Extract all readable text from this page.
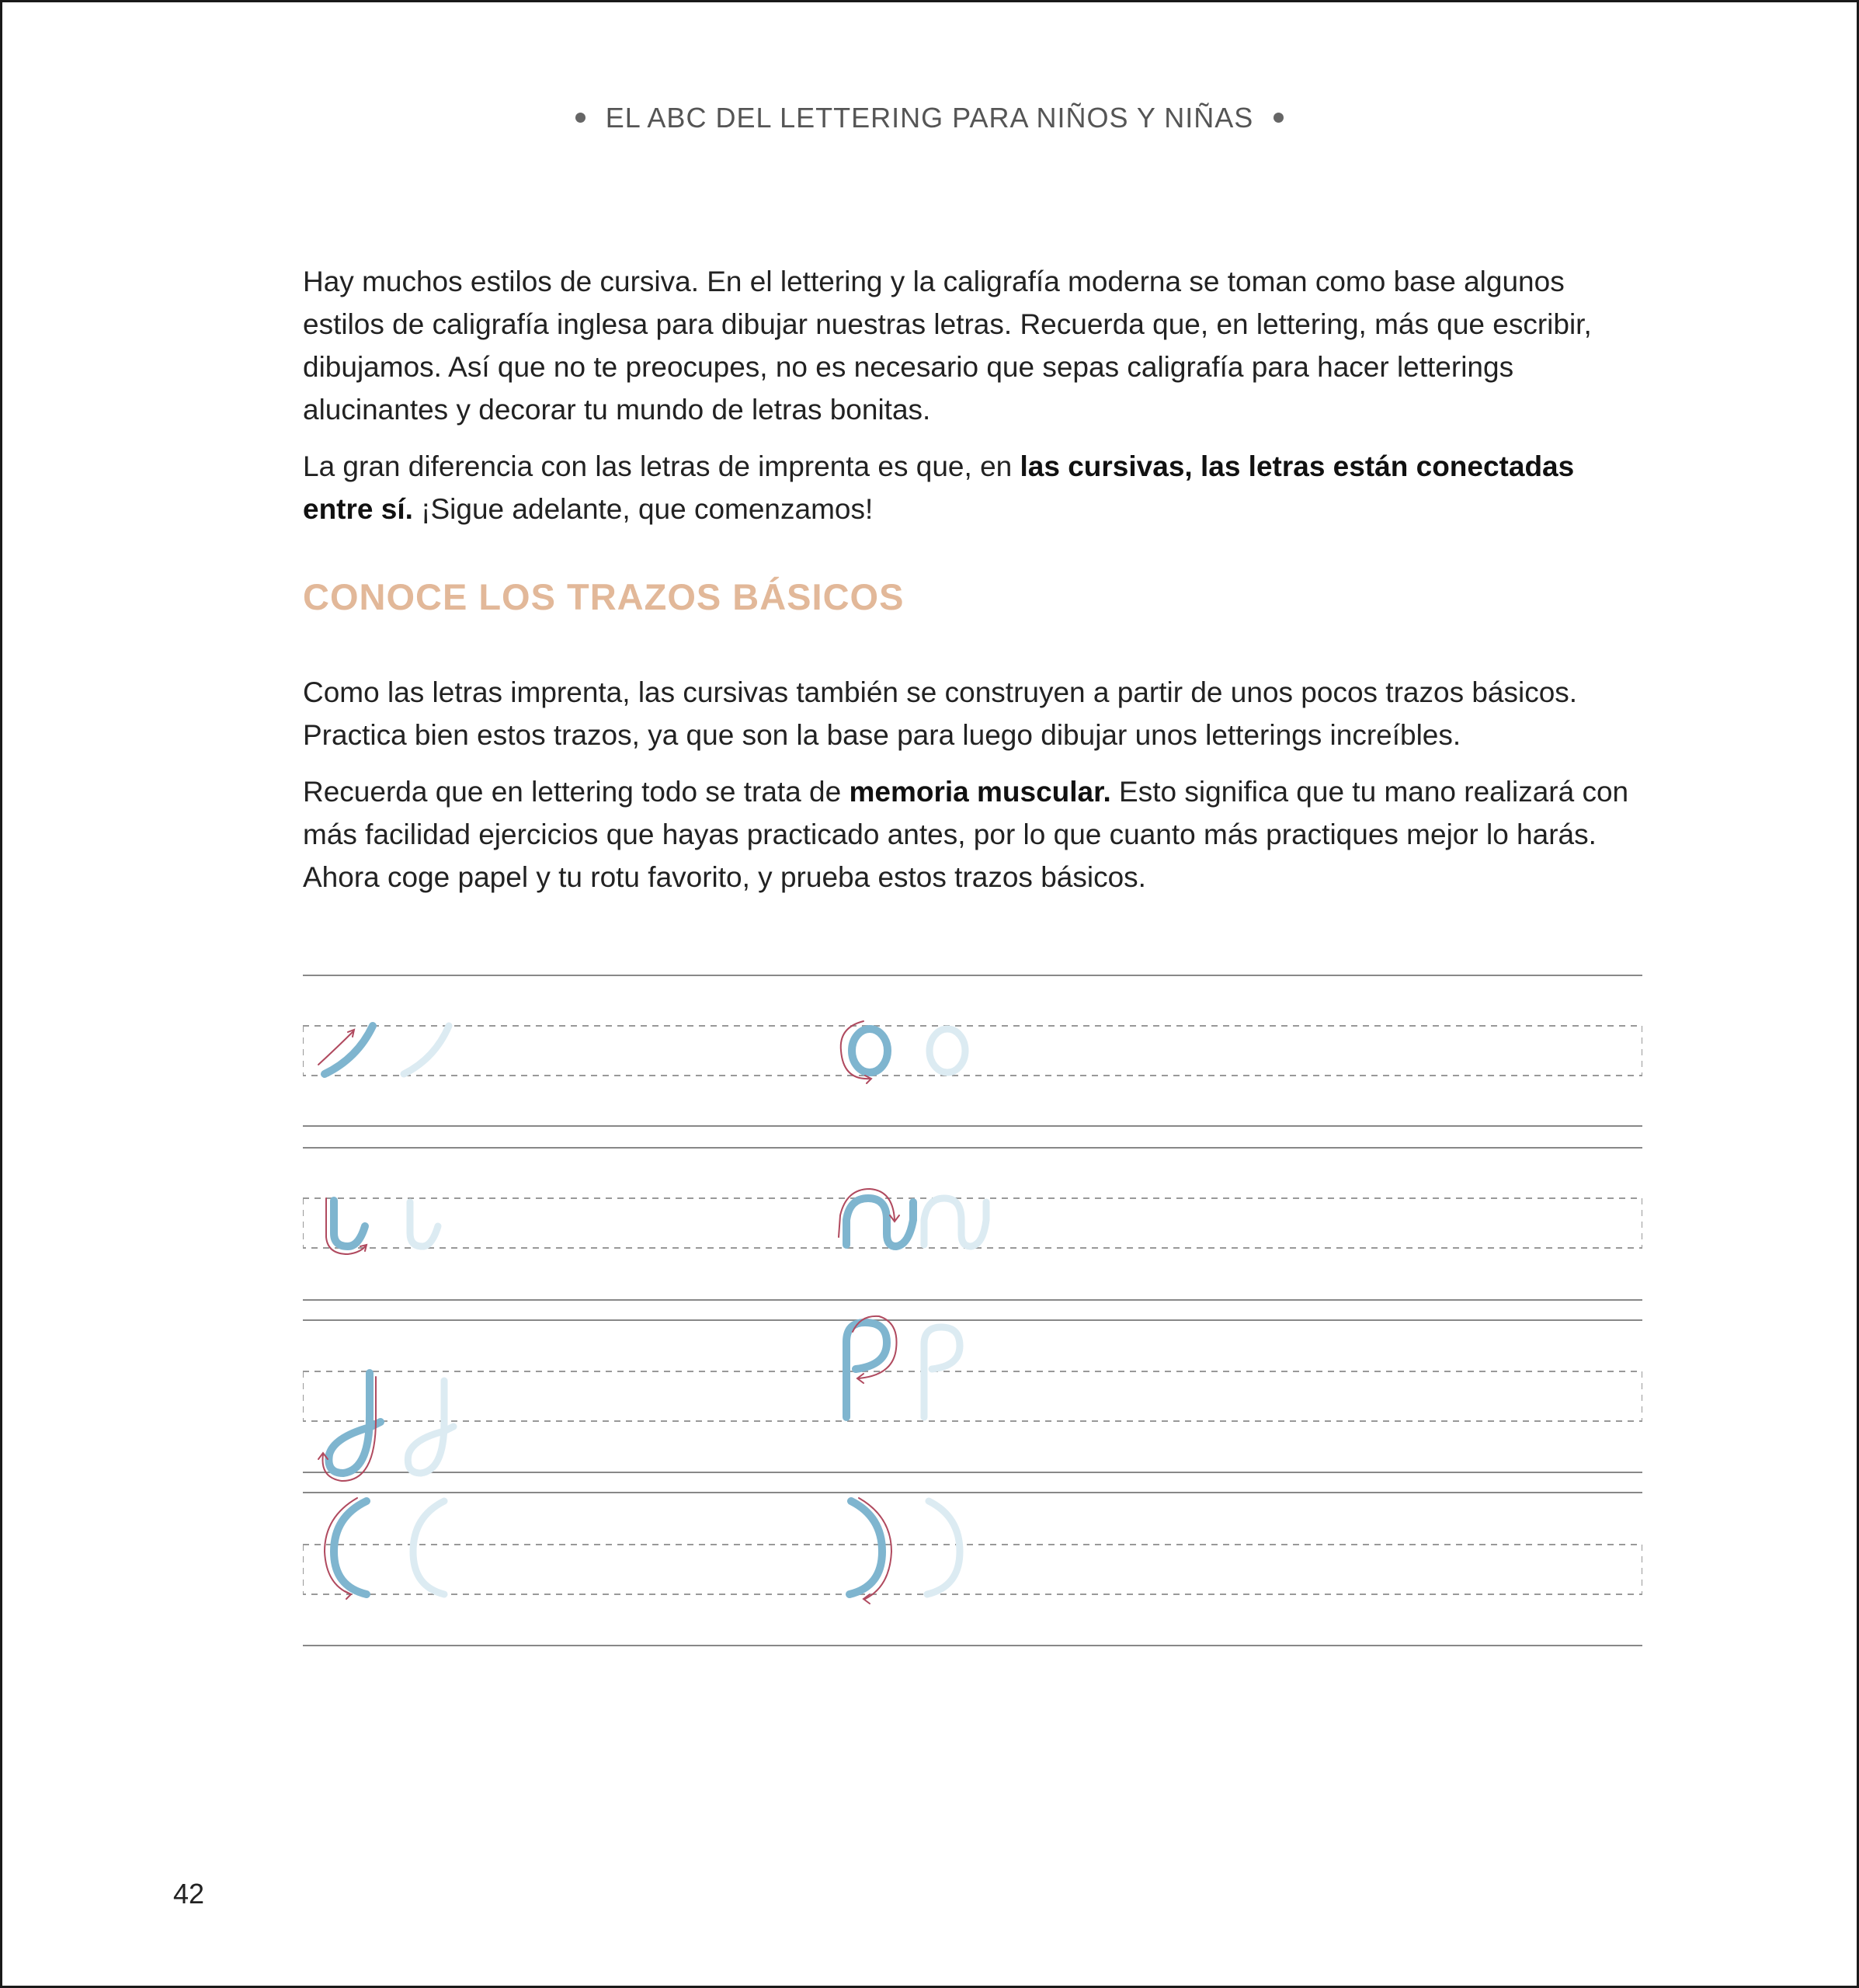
EL ABC DEL LETTERING PARA NIÑOS Y NIÑAS

Hay muchos estilos de cursiva. En el lettering y la caligrafía moderna se toman como base algunos estilos de caligrafía inglesa para dibujar nuestras letras. Recuerda que, en lettering, más que escribir, dibujamos. Así que no te preocupes, no es necesario que sepas caligrafía para hacer letterings alucinantes y decorar tu mundo de letras bonitas.

La gran diferencia con las letras de imprenta es que, en las cursivas, las letras están conectadas entre sí. ¡Sigue adelante, que comenzamos!

CONOCE LOS TRAZOS BÁSICOS

Como las letras imprenta, las cursivas también se construyen a partir de unos pocos trazos básicos. Practica bien estos trazos, ya que son la base para luego dibujar unos letterings increíbles.

Recuerda que en lettering todo se trata de memoria muscular. Esto significa que tu mano realizará con más facilidad ejercicios que hayas practicado antes, por lo que cuanto más practiques mejor lo harás. Ahora coge papel y tu rotu favorito, y prueba estos trazos básicos.

42
